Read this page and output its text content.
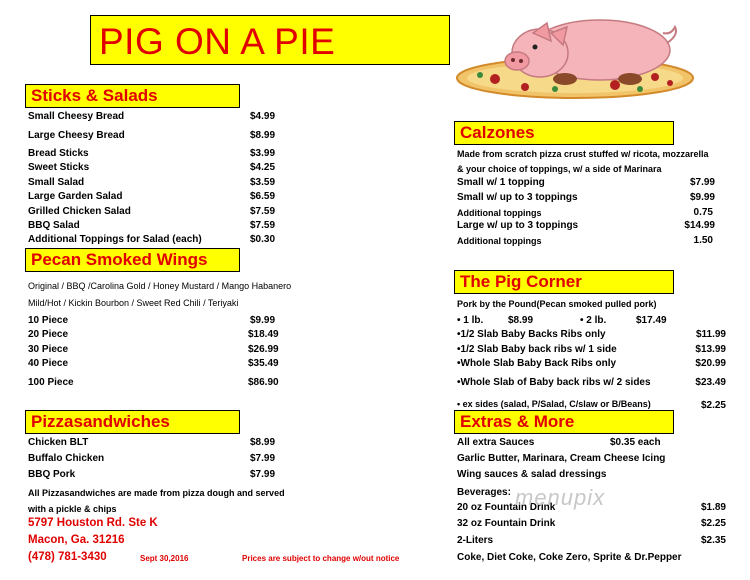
PIG ON A PIE
Sticks & Salads
Small Cheesy Bread	$4.99
Large Cheesy Bread	$8.99
Bread Sticks	$3.99
Sweet Sticks	$4.25
Small Salad	$3.59
Large Garden Salad	$6.59
Grilled Chicken Salad	$7.59
BBQ Salad	$7.59
Additional Toppings for Salad (each)	$0.30
Pecan Smoked Wings
Original / BBQ /Carolina Gold / Honey Mustard / Mango Habanero
Mild/Hot / Kickin Bourbon / Sweet Red Chili / Teriyaki
10 Piece	$9.99
20 Piece	$18.49
30 Piece	$26.99
40 Piece	$35.49
100 Piece	$86.90
Pizzasandwiches
Chicken BLT	$8.99
Buffalo Chicken	$7.99
BBQ Pork	$7.99
All Pizzasandwiches are made from pizza dough and served
with a pickle & chips
5797 Houston Rd. Ste K
Macon, Ga. 31216
(478) 781-3430	Sept 30,2016	Prices are subject to change w/out notice
Calzones
Made from scratch pizza crust stuffed w/ ricota, mozzarella
& your choice of toppings, w/ a side of Marinara
Small w/ 1 topping	$7.99
Small w/ up to 3 toppings	$9.99
Additional toppings	0.75
Large w/ up to 3 toppings	$14.99
Additional toppings	1.50
The Pig Corner
Pork by the Pound(Pecan smoked pulled pork)
• 1 lb. $8.99	• 2 lb.	$17.49
•1/2 Slab Baby Backs Ribs only	$11.99
•1/2 Slab Baby back ribs w/ 1 side	$13.99
•Whole Slab Baby Back Ribs only	$20.99
•Whole Slab of Baby back ribs w/ 2 sides	$23.49
• ex sides (salad, P/Salad, C/slaw or B/Beans)	$2.25
Extras & More
All extra Sauces	$0.35 each
Garlic Butter, Marinara, Cream Cheese Icing
Wing sauces & salad dressings
Beverages:
20 oz Fountain Drink	$1.89
32 oz Fountain Drink	$2.25
2-Liters	$2.35
Coke, Diet Coke, Coke Zero, Sprite & Dr.Pepper
menupix
